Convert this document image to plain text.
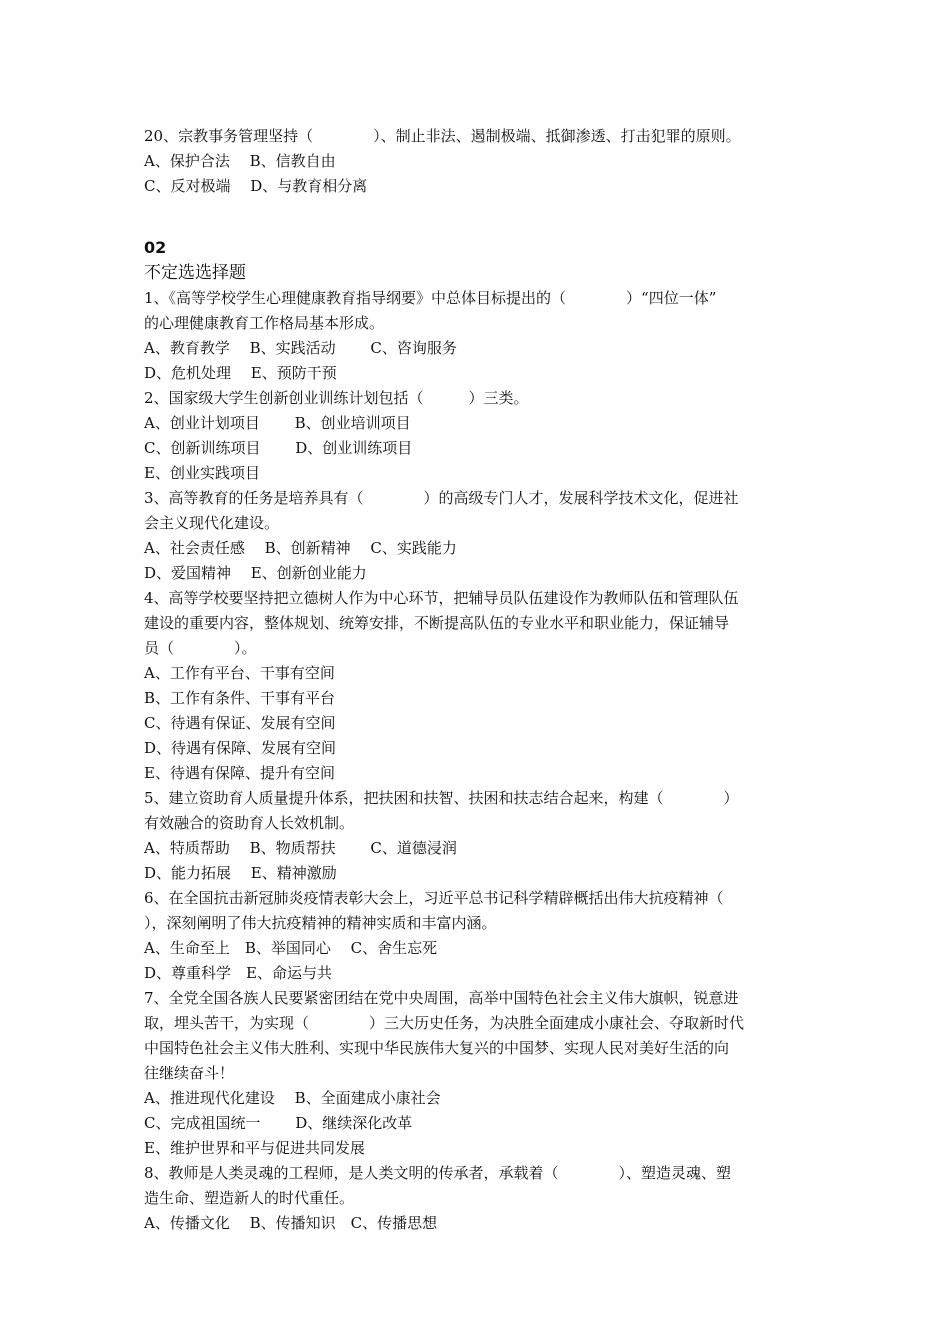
20、宗教事务管理坚持（　　　　）、制止非法、遏制极端、抵御渗透、打击犯罪的原则。

A、保护合法　 B、信教自由

C、反对极端　 D、与教育相分离

02

不定选选择题

1、《高等学校学生心理健康教育指导纲要》中总体目标提出的（　　　　）“四位一体”

的心理健康教育工作格局基本形成。

A、教育教学　 B、实践活动　　 C、咨询服务

D、危机处理　 E、预防干预

2、国家级大学生创新创业训练计划包括（　　　）三类。

A、创业计划项目　　 B、创业培训项目

C、创新训练项目　　 D、创业训练项目

E、创业实践项目

3、高等教育的任务是培养具有（　　　　）的高级专门人才，发展科学技术文化，促进社

会主义现代化建设。

A、社会责任感　 B、创新精神　 C、实践能力

D、爱国精神　 E、创新创业能力

4、高等学校要坚持把立德树人作为中心环节，把辅导员队伍建设作为教师队伍和管理队伍

建设的重要内容，整体规划、统筹安排，不断提高队伍的专业水平和职业能力，保证辅导

员（　　　　）。

A、工作有平台、干事有空间

B、工作有条件、干事有平台

C、待遇有保证、发展有空间

D、待遇有保障、发展有空间

E、待遇有保障、提升有空间

5、建立资助育人质量提升体系，把扶困和扶智、扶困和扶志结合起来，构建（　　　　）

有效融合的资助育人长效机制。

A、特质帮助　 B、物质帮扶　　 C、道德浸润

D、能力拓展　 E、精神激励

6、在全国抗击新冠肺炎疫情表彰大会上，习近平总书记科学精辟概括出伟大抗疫精神（

），深刻阐明了伟大抗疫精神的精神实质和丰富内涵。

A、生命至上　B、举国同心　 C、舍生忘死

D、尊重科学　E、命运与共

7、全党全国各族人民要紧密团结在党中央周围，高举中国特色社会主义伟大旗帜，锐意进

取，埋头苦干，为实现（　　　　）三大历史任务，为决胜全面建成小康社会、夺取新时代

中国特色社会主义伟大胜利、实现中华民族伟大复兴的中国梦、实现人民对美好生活的向

往继续奋斗！

A、推进现代化建设　 B、全面建成小康社会

C、完成祖国统一　　 D、继续深化改革

E、维护世界和平与促进共同发展

8、教师是人类灵魂的工程师，是人类文明的传承者，承载着（　　　　）、塑造灵魂、塑

造生命、塑造新人的时代重任。

A、传播文化　 B、传播知识　C、传播思想
